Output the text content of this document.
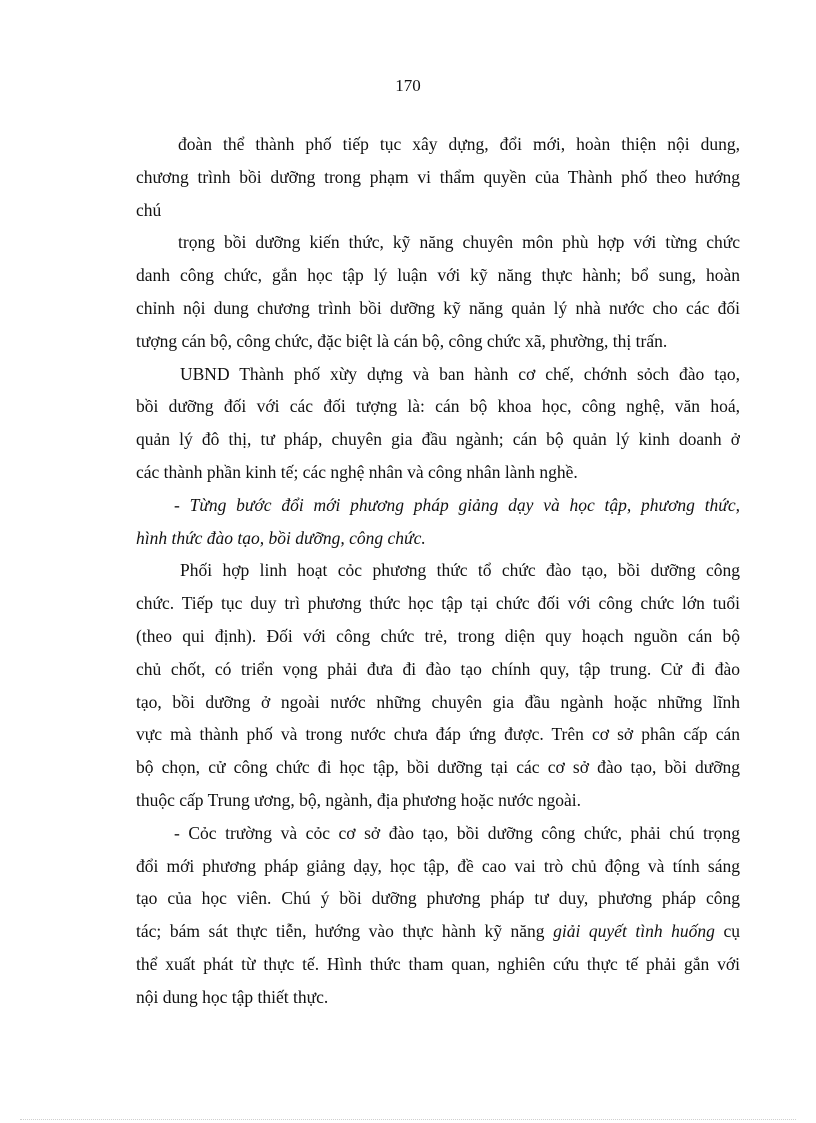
170
đoàn thể thành phố tiếp tục xây dựng, đổi mới, hoàn thiện nội dung,
chương trình bồi dưỡng trong phạm vi thẩm quyền của Thành phố theo hướng
chú
trọng bồi dưỡng kiến thức, kỹ năng chuyên môn phù hợp với từng chức
danh công chức, gắn học tập lý luận với kỹ năng thực hành; bổ sung, hoàn
chỉnh nội dung chương trình bồi dưỡng kỹ năng quản lý nhà nước cho các đối
tượng cán bộ, công chức, đặc biệt là cán bộ, công chức xã, phường, thị trấn.
UBND Thành phố xừy dựng và ban hành cơ chế, chớnh sỏch đào tạo,
bồi dưỡng đối với các đối tượng là: cán bộ khoa học, công nghệ, văn hoá,
quản lý đô thị, tư pháp, chuyên gia đầu ngành; cán bộ quản lý kinh doanh ở
các thành phần kinh tế; các nghệ nhân và công nhân lành nghề.
- Từng bước đổi mới phương pháp giảng dạy và học tập, phương thức,
hình thức đào tạo, bồi dưỡng, công chức.
Phối hợp linh hoạt cỏc phương thức tổ chức đào tạo, bồi dưỡng công
chức. Tiếp tục duy trì phương thức học tập tại chức đối với công chức lớn tuổi
(theo qui định). Đối với công chức trẻ, trong diện quy hoạch nguồn cán bộ
chủ chốt, có triển vọng phải đưa đi đào tạo chính quy, tập trung. Cử đi đào
tạo, bồi dưỡng ở ngoài nước những chuyên gia đầu ngành hoặc những lĩnh
vực mà thành phố và trong nước chưa đáp ứng được. Trên cơ sở phân cấp cán
bộ chọn, cử công chức đi học tập, bồi dưỡng tại các cơ sở đào tạo, bồi dưỡng
thuộc cấp Trung ương, bộ, ngành, địa phương hoặc nước ngoài.
- Cỏc trường và cỏc cơ sở đào tạo, bồi dưỡng công chức, phải chú trọng
đổi mới phương pháp giảng dạy, học tập, đề cao vai trò chủ động và tính sáng
tạo của học viên. Chú ý bồi dưỡng phương pháp tư duy, phương pháp công
tác; bám sát thực tiễn, hướng vào thực hành kỹ năng giải quyết tình huống cụ
thể xuất phát từ thực tế. Hình thức tham quan, nghiên cứu thực tế phải gắn với
nội dung học tập thiết thực.
